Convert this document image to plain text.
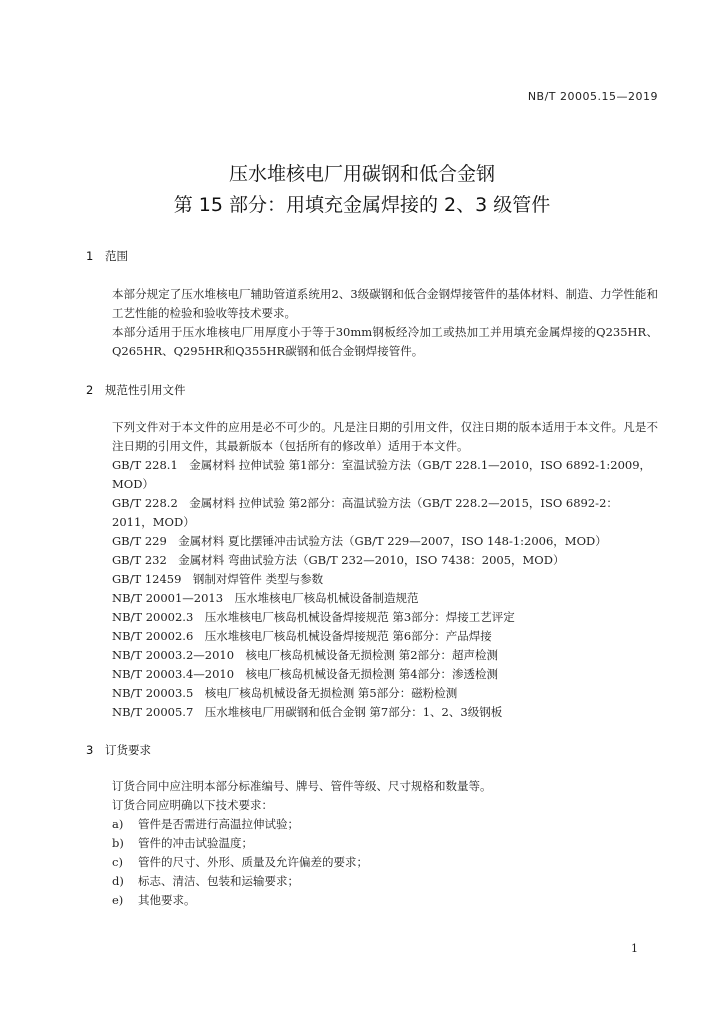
NB/T 20005.15—2019
压水堆核电厂用碳钢和低合金钢
第 15 部分：用填充金属焊接的 2、3 级管件
1 范围
本部分规定了压水堆核电厂辅助管道系统用2、3级碳钢和低合金钢焊接管件的基体材料、制造、力学性能和工艺性能的检验和验收等技术要求。
本部分适用于压水堆核电厂用厚度小于等于30mm钢板经冷加工或热加工并用填充金属焊接的Q235HR、Q265HR、Q295HR和Q355HR碳钢和低合金钢焊接管件。
2 规范性引用文件
下列文件对于本文件的应用是必不可少的。凡是注日期的引用文件，仅注日期的版本适用于本文件。凡是不注日期的引用文件，其最新版本（包括所有的修改单）适用于本文件。
GB/T 228.1　金属材料 拉伸试验 第1部分：室温试验方法（GB/T 228.1—2010，ISO 6892-1:2009，MOD）
GB/T 228.2　金属材料 拉伸试验 第2部分：高温试验方法（GB/T 228.2—2015，ISO 6892-2：2011，MOD）
GB/T 229　金属材料 夏比摆锤冲击试验方法（GB/T 229—2007，ISO 148-1:2006，MOD）
GB/T 232　金属材料 弯曲试验方法（GB/T 232—2010，ISO 7438：2005，MOD）
GB/T 12459　钢制对焊管件 类型与参数
NB/T 20001—2013　压水堆核电厂核岛机械设备制造规范
NB/T 20002.3　压水堆核电厂核岛机械设备焊接规范 第3部分：焊接工艺评定
NB/T 20002.6　压水堆核电厂核岛机械设备焊接规范 第6部分：产品焊接
NB/T 20003.2—2010　核电厂核岛机械设备无损检测 第2部分：超声检测
NB/T 20003.4—2010　核电厂核岛机械设备无损检测 第4部分：渗透检测
NB/T 20003.5　核电厂核岛机械设备无损检测 第5部分：磁粉检测
NB/T 20005.7　压水堆核电厂用碳钢和低合金钢 第7部分：1、2、3级钢板
3 订货要求
订货合同中应注明本部分标准编号、牌号、管件等级、尺寸规格和数量等。
订货合同应明确以下技术要求：
a) 管件是否需进行高温拉伸试验；
b) 管件的冲击试验温度；
c) 管件的尺寸、外形、质量及允许偏差的要求；
d) 标志、清洁、包装和运输要求；
e) 其他要求。
1
